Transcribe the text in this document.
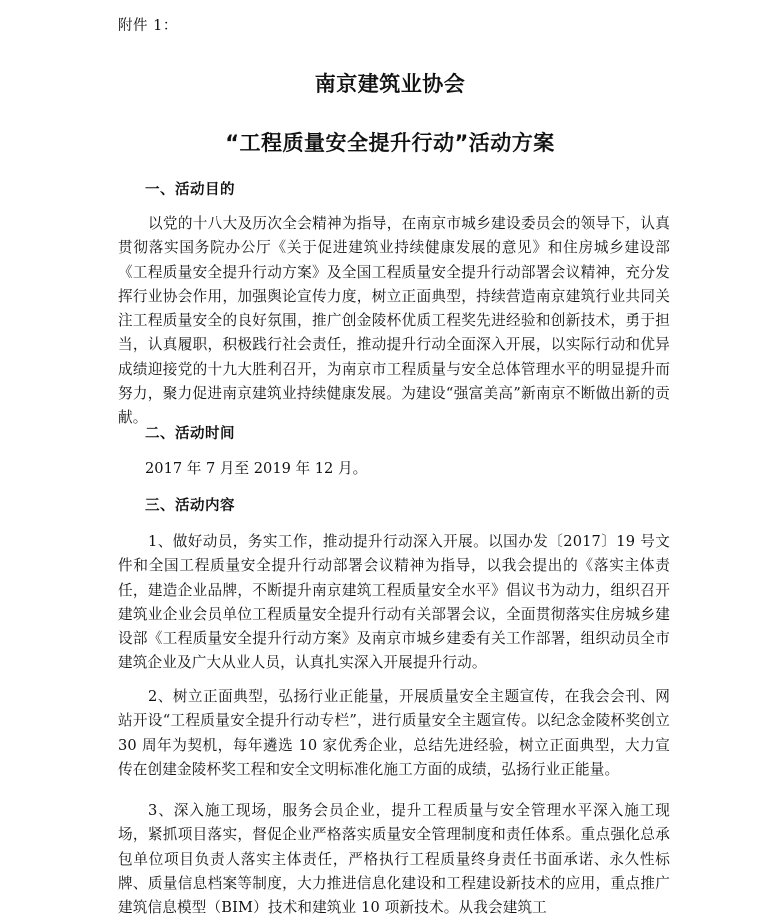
附件 1：
南京建筑业协会
“工程质量安全提升行动”活动方案
一、活动目的
以党的十八大及历次全会精神为指导，在南京市城乡建设委员会的领导下，认真贯彻落实国务院办公厅《关于促进建筑业持续健康发展的意见》和住房城乡建设部《工程质量安全提升行动方案》及全国工程质量安全提升行动部署会议精神，充分发挥行业协会作用，加强舆论宣传力度，树立正面典型，持续营造南京建筑行业共同关注工程质量安全的良好氛围，推广创金陵杯优质工程奖先进经验和创新技术，勇于担当，认真履职，积极践行社会责任，推动提升行动全面深入开展，以实际行动和优异成绩迎接党的十九大胜利召开，为南京市工程质量与安全总体管理水平的明显提升而努力，聚力促进南京建筑业持续健康发展。为建设“强富美高”新南京不断做出新的贡献。
二、活动时间
2017 年 7 月至 2019 年 12 月。
三、活动内容
1、做好动员，务实工作，推动提升行动深入开展。以国办发〔2017〕19 号文件和全国工程质量安全提升行动部署会议精神为指导，以我会提出的《落实主体责任，建造企业品牌，不断提升南京建筑工程质量安全水平》倡议书为动力，组织召开建筑业企业会员单位工程质量安全提升行动有关部署会议，全面贯彻落实住房城乡建设部《工程质量安全提升行动方案》及南京市城乡建委有关工作部署，组织动员全市建筑企业及广大从业人员，认真扎实深入开展提升行动。
2、树立正面典型，弘扬行业正能量，开展质量安全主题宣传，在我会会刊、网站开设“工程质量安全提升行动专栏”，进行质量安全主题宣传。以纪念金陵杯奖创立 30 周年为契机，每年遴选 10 家优秀企业，总结先进经验，树立正面典型，大力宣传在创建金陵杯奖工程和安全文明标准化施工方面的成绩，弘扬行业正能量。
3、深入施工现场，服务会员企业，提升工程质量与安全管理水平深入施工现场，紧抓项目落实，督促企业严格落实质量安全管理制度和责任体系。重点强化总承包单位项目负责人落实主体责任，严格执行工程质量终身责任书面承诺、永久性标牌、质量信息档案等制度，大力推进信息化建设和工程建设新技术的应用，重点推广建筑信息模型（BIM）技术和建筑业 10 项新技术。从我会建筑工
